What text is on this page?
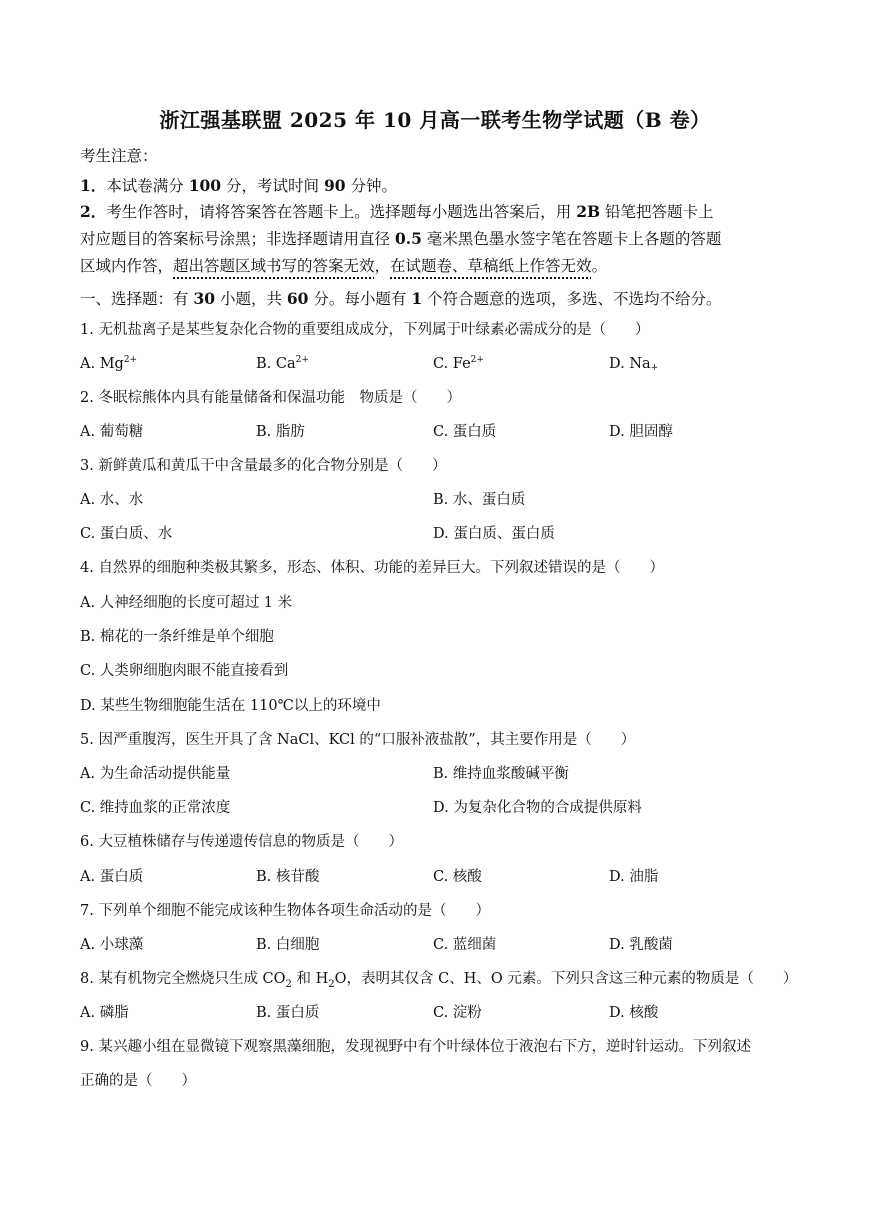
浙江强基联盟 2025 年 10 月高一联考生物学试题（B 卷）
考生注意：
1．本试卷满分 100 分，考试时间 90 分钟。
2．考生作答时，请将答案答在答题卡上。选择题每小题选出答案后，用 2B 铅笔把答题卡上
对应题目的答案标号涂黑；非选择题请用直径 0.5 毫米黑色墨水签字笔在答题卡上各题的答题
区域内作答，超出答题区域书写的答案无效，在试题卷、草稿纸上作答无效。
一、选择题：有 30 小题，共 60 分。每小题有 1 个符合题意的选项，多选、不选均不给分。
1. 无机盐离子是某些复杂化合物的重要组成成分，下列属于叶绿素必需成分的是（　　）
A. $Mg^{2+}$	B. $Ca^{2+}$	C. $Fe^{2+}$	D. Na+
2. 冬眠棕熊体内具有能量储备和保温功能　物质是（　　）
A. 葡萄糖	B. 脂肪	C. 蛋白质	D. 胆固醇
3. 新鲜黄瓜和黄瓜干中含量最多的化合物分别是（　　）
A. 水、水	B. 水、蛋白质
C. 蛋白质、水	D. 蛋白质、蛋白质
4. 自然界的细胞种类极其繁多，形态、体积、功能的差异巨大。下列叙述错误的是（　　）
A. 人神经细胞的长度可超过 1 米
B. 棉花的一条纤维是单个细胞
C. 人类卵细胞肉眼不能直接看到
D. 某些生物细胞能生活在 110℃以上的环境中
5. 因严重腹泻，医生开具了含 NaCl、KCl 的“口服补液盐散”，其主要作用是（　　）
A. 为生命活动提供能量	B. 维持血浆酸碱平衡
C. 维持血浆的正常浓度	D. 为复杂化合物的合成提供原料
6. 大豆植株储存与传递遗传信息的物质是（　　）
A. 蛋白质	B. 核苷酸	C. 核酸	D. 油脂
7. 下列单个细胞不能完成该种生物体各项生命活动的是（　　）
A. 小球藻	B. 白细胞	C. 蓝细菌	D. 乳酸菌
8. 某有机物完全燃烧只生成 $CO_2$ 和 $H_2O$，表明其仅含 C、H、O 元素。下列只含这三种元素的物质是（　　）
A. 磷脂	B. 蛋白质	C. 淀粉	D. 核酸
9. 某兴趣小组在显微镜下观察黑藻细胞，发现视野中有个叶绿体位于液泡右下方，逆时针运动。下列叙述
正确的是（　　）
